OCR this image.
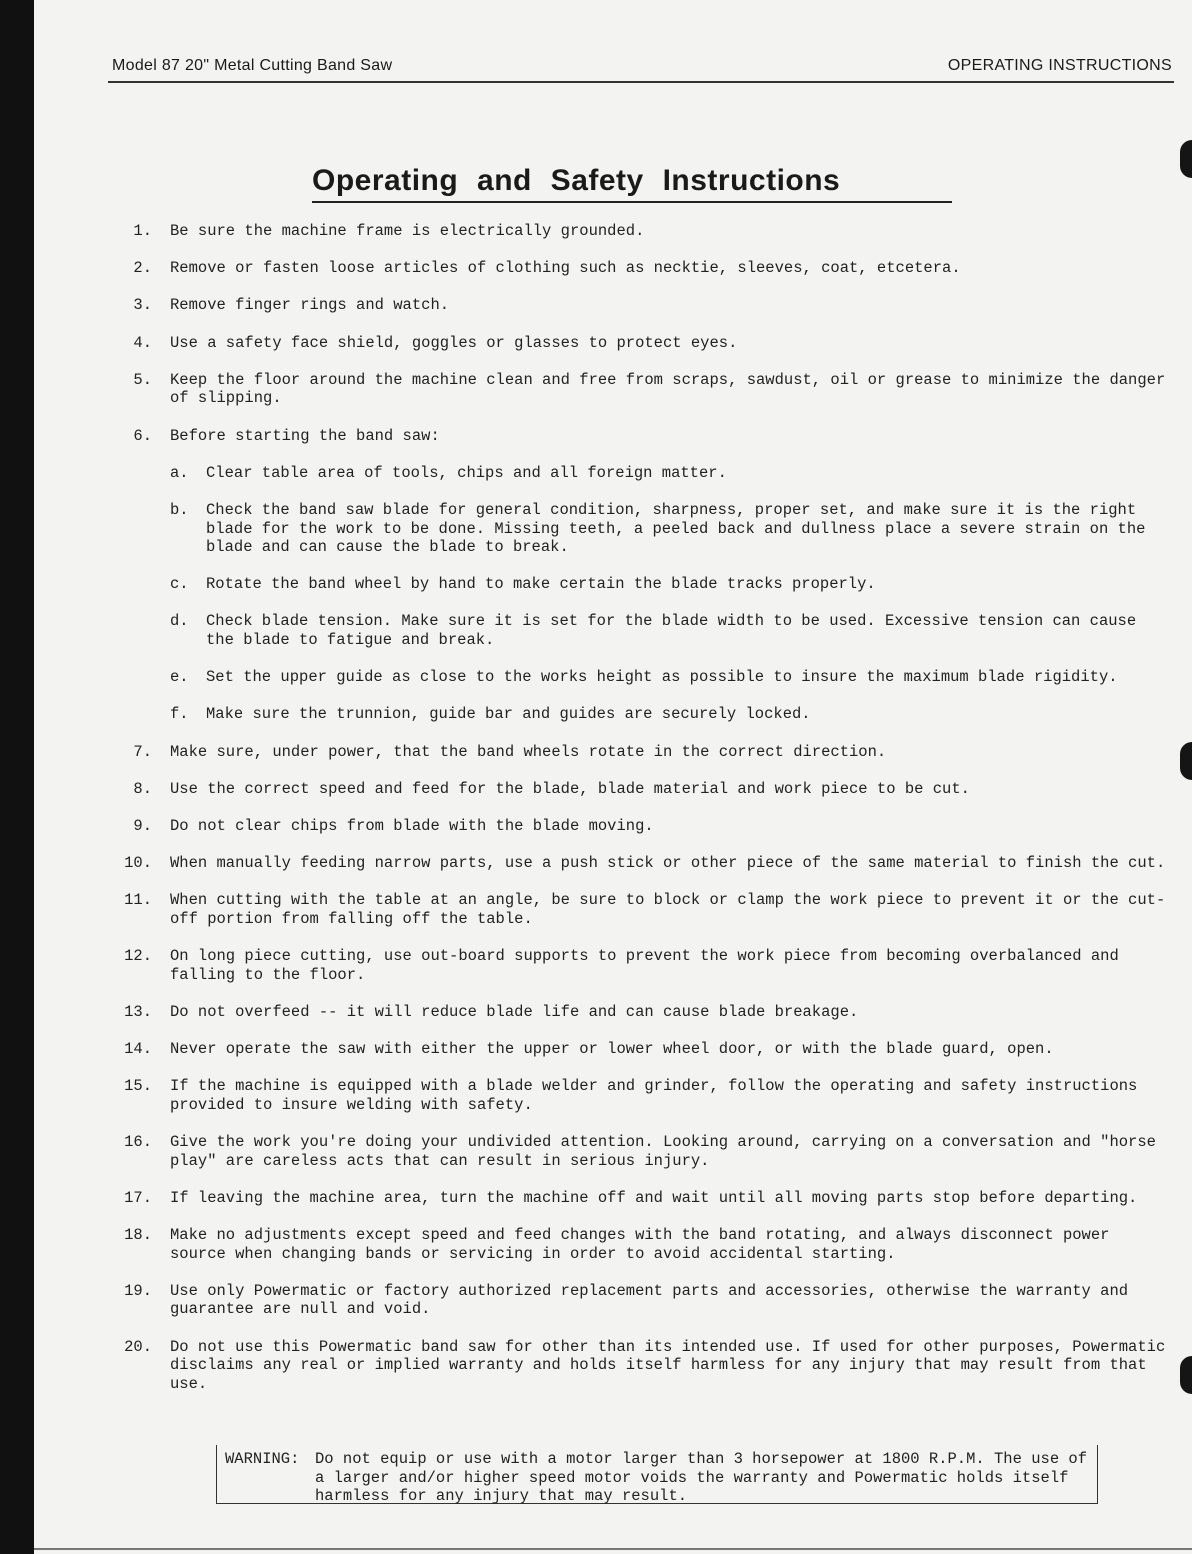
Model 87 20" Metal Cutting Band Saw	OPERATING INSTRUCTIONS
Operating and Safety Instructions
1. Be sure the machine frame is electrically grounded.
2. Remove or fasten loose articles of clothing such as necktie, sleeves, coat, etcetera.
3. Remove finger rings and watch.
4. Use a safety face shield, goggles or glasses to protect eyes.
5. Keep the floor around the machine clean and free from scraps, sawdust, oil or grease to minimize the danger of slipping.
6. Before starting the band saw:
a. Clear table area of tools, chips and all foreign matter.
b. Check the band saw blade for general condition, sharpness, proper set, and make sure it is the right blade for the work to be done. Missing teeth, a peeled back and dullness place a severe strain on the blade and can cause the blade to break.
c. Rotate the band wheel by hand to make certain the blade tracks properly.
d. Check blade tension. Make sure it is set for the blade width to be used. Excessive tension can cause the blade to fatigue and break.
e. Set the upper guide as close to the works height as possible to insure the maximum blade rigidity.
f. Make sure the trunnion, guide bar and guides are securely locked.
7. Make sure, under power, that the band wheels rotate in the correct direction.
8. Use the correct speed and feed for the blade, blade material and work piece to be cut.
9. Do not clear chips from blade with the blade moving.
10. When manually feeding narrow parts, use a push stick or other piece of the same material to finish the cut.
11. When cutting with the table at an angle, be sure to block or clamp the work piece to prevent it or the cut-off portion from falling off the table.
12. On long piece cutting, use out-board supports to prevent the work piece from becoming overbalanced and falling to the floor.
13. Do not overfeed -- it will reduce blade life and can cause blade breakage.
14. Never operate the saw with either the upper or lower wheel door, or with the blade guard, open.
15. If the machine is equipped with a blade welder and grinder, follow the operating and safety instructions provided to insure welding with safety.
16. Give the work you're doing your undivided attention. Looking around, carrying on a conversation and "horse play" are careless acts that can result in serious injury.
17. If leaving the machine area, turn the machine off and wait until all moving parts stop before departing.
18. Make no adjustments except speed and feed changes with the band rotating, and always disconnect power source when changing bands or servicing in order to avoid accidental starting.
19. Use only Powermatic or factory authorized replacement parts and accessories, otherwise the warranty and guarantee are null and void.
20. Do not use this Powermatic band saw for other than its intended use. If used for other purposes, Powermatic disclaims any real or implied warranty and holds itself harmless for any injury that may result from that use.
WARNING: Do not equip or use with a motor larger than 3 horsepower at 1800 R.P.M. The use of a larger and/or higher speed motor voids the warranty and Powermatic holds itself harmless for any injury that may result.
